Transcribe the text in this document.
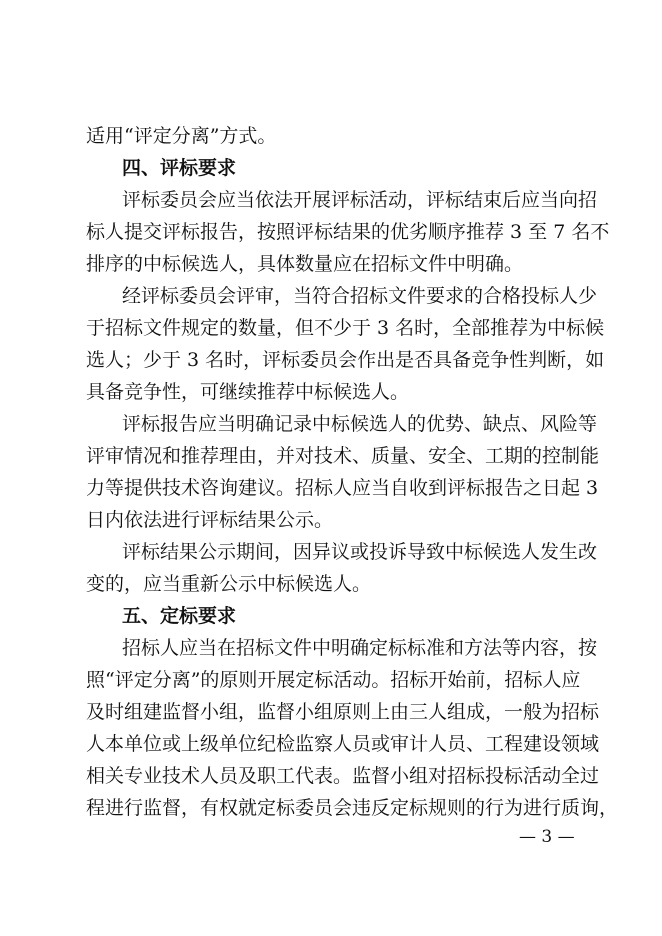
适用“评定分离”方式。

四、评标要求

评标委员会应当依法开展评标活动，评标结束后应当向招

标人提交评标报告，按照评标结果的优劣顺序推荐 3 至 7 名不

排序的中标候选人，具体数量应在招标文件中明确。

经评标委员会评审，当符合招标文件要求的合格投标人少

于招标文件规定的数量，但不少于 3 名时，全部推荐为中标候

选人；少于 3 名时，评标委员会作出是否具备竞争性判断，如

具备竞争性，可继续推荐中标候选人。

评标报告应当明确记录中标候选人的优势、缺点、风险等

评审情况和推荐理由，并对技术、质量、安全、工期的控制能

力等提供技术咨询建议。招标人应当自收到评标报告之日起 3

日内依法进行评标结果公示。

评标结果公示期间，因异议或投诉导致中标候选人发生改

变的，应当重新公示中标候选人。

五、定标要求

招标人应当在招标文件中明确定标标准和方法等内容，按

照“评定分离”的原则开展定标活动。招标开始前，招标人应

及时组建监督小组，监督小组原则上由三人组成，一般为招标

人本单位或上级单位纪检监察人员或审计人员、工程建设领域

相关专业技术人员及职工代表。监督小组对招标投标活动全过

程进行监督，有权就定标委员会违反定标规则的行为进行质询，

— 3 —
